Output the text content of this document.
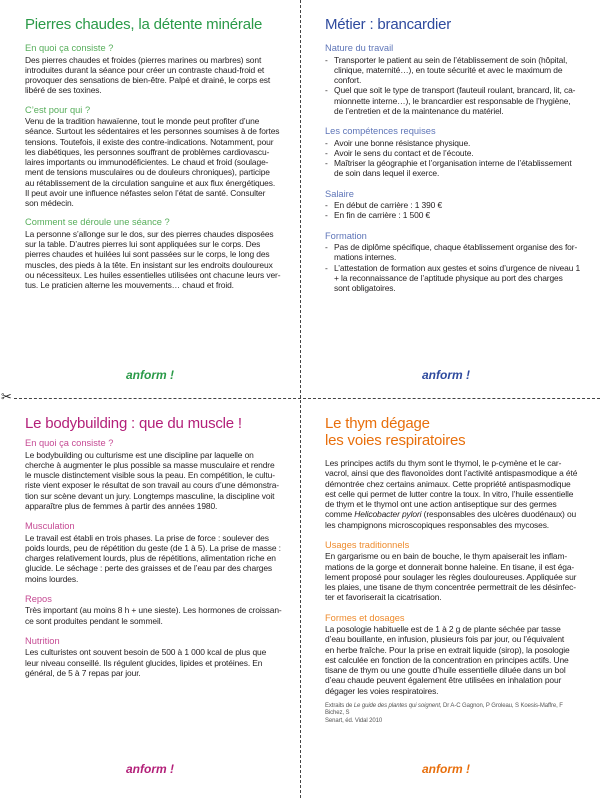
✂
Pierres chaudes, la détente minérale
En quoi ça consiste ?

Des pierres chaudes et froides (pierres marines ou marbres) sont
introduites durant la séance pour créer un contraste chaud-froid et
provoquer des sensations de bien-être. Palpé et drainé, le corps est
libéré de ses toxines.

C’est pour qui ?

Venu de la tradition hawaïenne, tout le monde peut profiter d’une
séance. Surtout les sédentaires et les personnes soumises à de fortes
tensions. Toutefois, il existe des contre-indications. Notamment, pour
les diabétiques, les personnes souffrant de problèmes cardiovascu-
laires importants ou immunodéficientes. Le chaud et froid (soulage-
ment de tensions musculaires ou de douleurs chroniques), participe
au rétablissement de la circulation sanguine et aux flux énergétiques.
Il peut avoir une influence néfastes selon l’état de santé. Consulter
son médecin.

Comment se déroule une séance ?

La personne s’allonge sur le dos, sur des pierres chaudes disposées
sur la table. D’autres pierres lui sont appliquées sur le corps. Des
pierres chaudes et huilées lui sont passées sur le corps, le long des
muscles, des pieds à la tête. En insistant sur les endroits douloureux
ou nécessiteux. Les huiles essentielles utilisées ont chacune leurs ver-
tus. Le praticien alterne les mouvements… chaud et froid.

anform !
Métier : brancardier
Nature du travail
- Transporter le patient au sein de l’établissement de soin (hôpital,
clinique, maternité…), en toute sécurité et avec le maximum de
confort.
- Quel que soit le type de transport (fauteuil roulant, brancard, lit, ca-
mionnette interne…), le brancardier est responsable de l’hygiène,
de l’entretien et de la maintenance du matériel.
Les compétences requises
- Avoir une bonne résistance physique.
- Avoir le sens du contact et de l’écoute.
- Maîtriser la géographie et l’organisation interne de l’établissement
de soin dans lequel il exerce.
Salaire
- En début de carrière : 1 390 €
- En fin de carrière : 1 500 €
Formation
- Pas de diplôme spécifique, chaque établissement organise des for-
mations internes.
- L’attestation de formation aux gestes et soins d’urgence de niveau 1
+ la reconnaissance de l’aptitude physique au port des charges
sont obligatoires.
anform !
Le bodybuilding : que du muscle !
En quoi ça consiste ?

Le bodybuilding ou culturisme est une discipline par laquelle on
cherche à augmenter le plus possible sa masse musculaire et rendre
le muscle distinctement visible sous la peau. En compétition, le cultu-
riste vient exposer le résultat de son travail au cours d’une démonstra-
tion sur scène devant un jury. Longtemps masculine, la discipline voit
apparaître plus de femmes à partir des années 1980.

Musculation

Le travail est établi en trois phases. La prise de force : soulever des
poids lourds, peu de répétition du geste (de 1 à 5). La prise de masse :
charges relativement lourds, plus de répétitions, alimentation riche en
glucide. Le séchage : perte des graisses et de l’eau par des charges
moins lourdes.

Repos

Très important (au moins 8 h + une sieste). Les hormones de croissan-
ce sont produites pendant le sommeil.

Nutrition

Les culturistes ont souvent besoin de 500 à 1 000 kcal de plus que
leur niveau conseillé. Ils régulent glucides, lipides et protéines. En
général, de 5 à 7 repas par jour.

anform !
Le thym dégage
les voies respiratoires

Les principes actifs du thym sont le thymol, le p-cymène et le car-
vacrol, ainsi que des flavonoïdes dont l’activité antispasmodique a été
démontrée chez certains animaux. Cette propriété antispasmodique
est celle qui permet de lutter contre la toux. In vitro, l’huile essentielle
de thym et le thymol ont une action antiseptique sur des germes
comme Helicobacter pylori (responsables des ulcères duodénaux) ou
les champignons microscopiques responsables des mycoses.

Usages traditionnels

En gargarisme ou en bain de bouche, le thym apaiserait les inflam-
mations de la gorge et donnerait bonne haleine. En tisane, il est éga-
lement proposé pour soulager les règles douloureuses. Appliquée sur
les plaies, une tisane de thym concentrée permettrait de les désinfec-
ter et favoriserait la cicatrisation.

Formes et dosages

La posologie habituelle est de 1 à 2 g de plante séchée par tasse
d’eau bouillante, en infusion, plusieurs fois par jour, ou l’équivalent
en herbe fraîche. Pour la prise en extrait liquide (sirop), la posologie
est calculée en fonction de la concentration en principes actifs. Une
tisane de thym ou une goutte d’huile essentielle diluée dans un bol
d’eau chaude peuvent également être utilisées en inhalation pour
dégager les voies respiratoires.

Extraits de Le guide des plantes qui soignent, Dr A-C Gagnon, P Groleau, S Koesis-Maffre, F Bichez, S
Senart, éd. Vidal 2010

anform !
